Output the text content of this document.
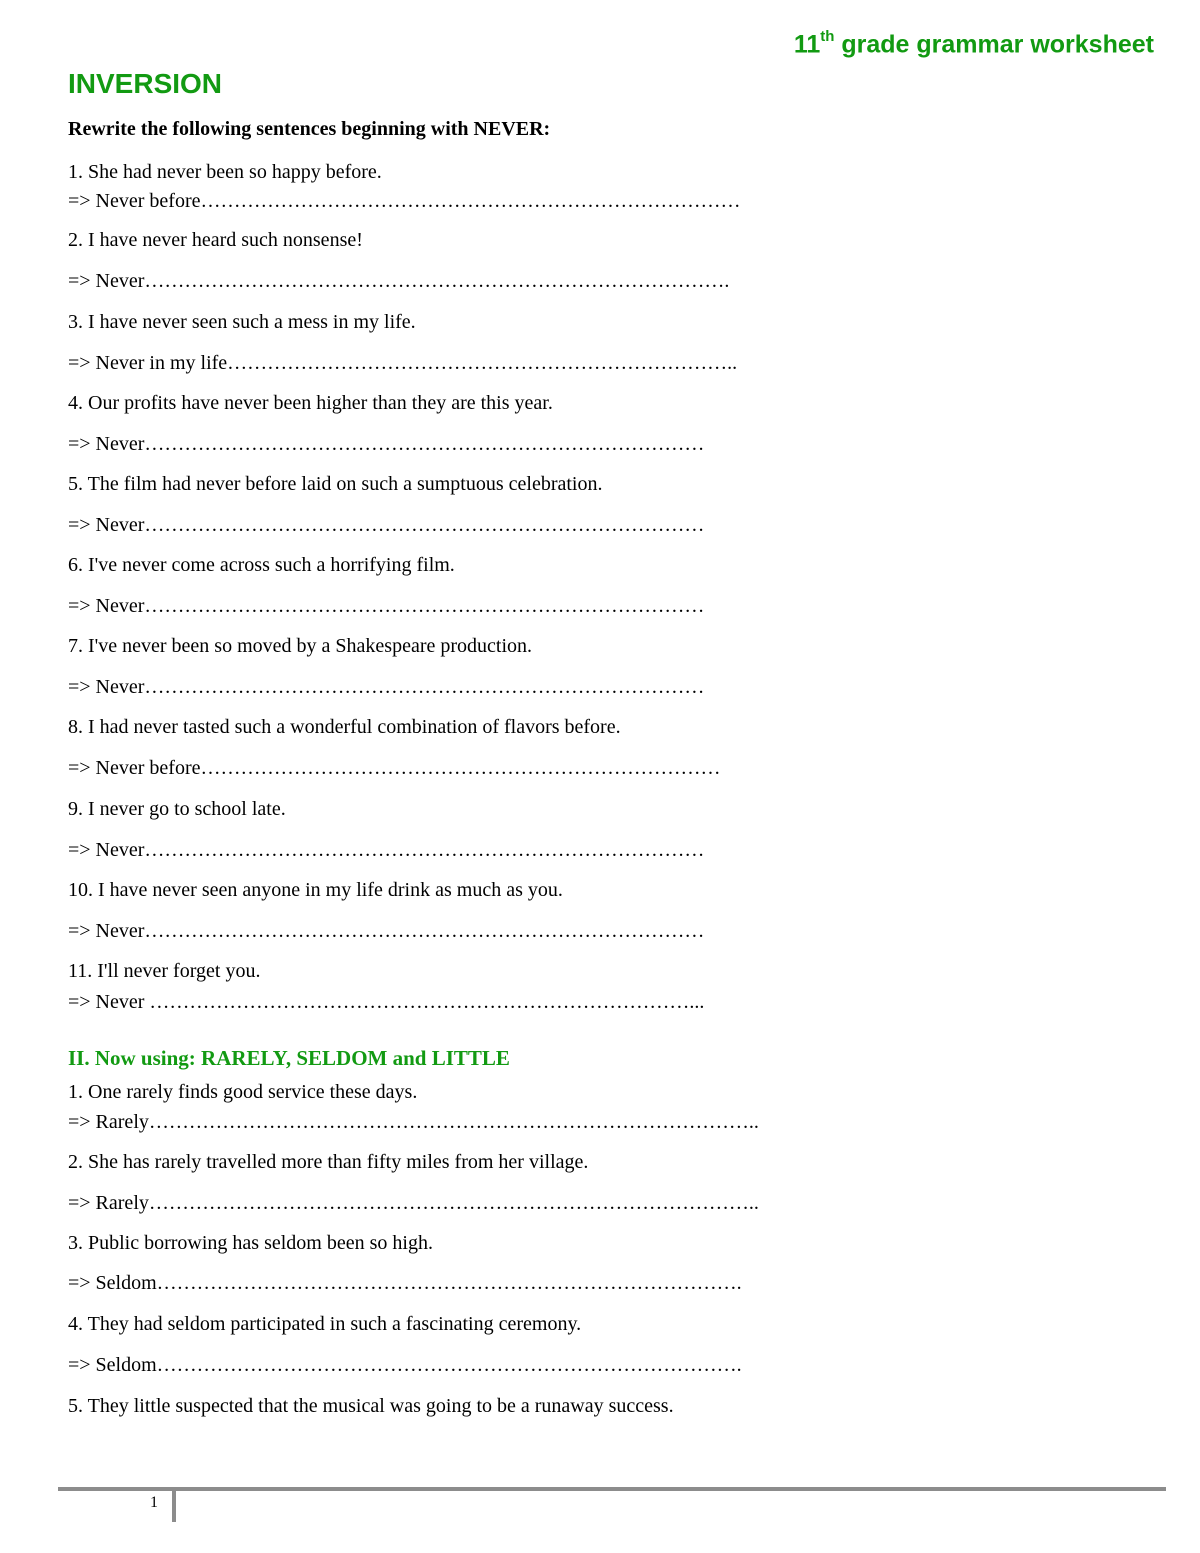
11th grade grammar worksheet
INVERSION
Rewrite the following sentences beginning with NEVER:
1. She had never been so happy before.
=> Never before………………………………………………………………………
2. I have never heard such nonsense!
=> Never…………………………………………………………………………….
3. I have never seen such a mess in my life.
=> Never in my life…………………………………………………………………..
4. Our profits have never been higher than they are this year.
=> Never…………………………………………………………………………
5. The film had never before laid on such a sumptuous celebration.
=> Never…………………………………………………………………………
6. I've never come across such a horrifying film.
=> Never…………………………………………………………………………
7. I've never been so moved by a Shakespeare production.
=> Never…………………………………………………………………………
8. I had never tasted such a wonderful combination of flavors before.
=> Never before……………………………………………………………………
9. I never go to school late.
=> Never…………………………………………………………………………
10. I have never seen anyone in my life drink as much as you.
=> Never…………………………………………………………………………
11. I'll never forget you.
=> Never ………………………………………………………………………...
II. Now using: RARELY, SELDOM and LITTLE
1. One rarely finds good service these days.
=> Rarely………………………………………………………………………………..
2. She has rarely travelled more than fifty miles from her village.
=> Rarely………………………………………………………………………………..
3. Public borrowing has seldom been so high.
=> Seldom…………………………………………………………………………….
4. They had seldom participated in such a fascinating ceremony.
=> Seldom…………………………………………………………………………….
5. They little suspected that the musical was going to be a runaway success.
1
